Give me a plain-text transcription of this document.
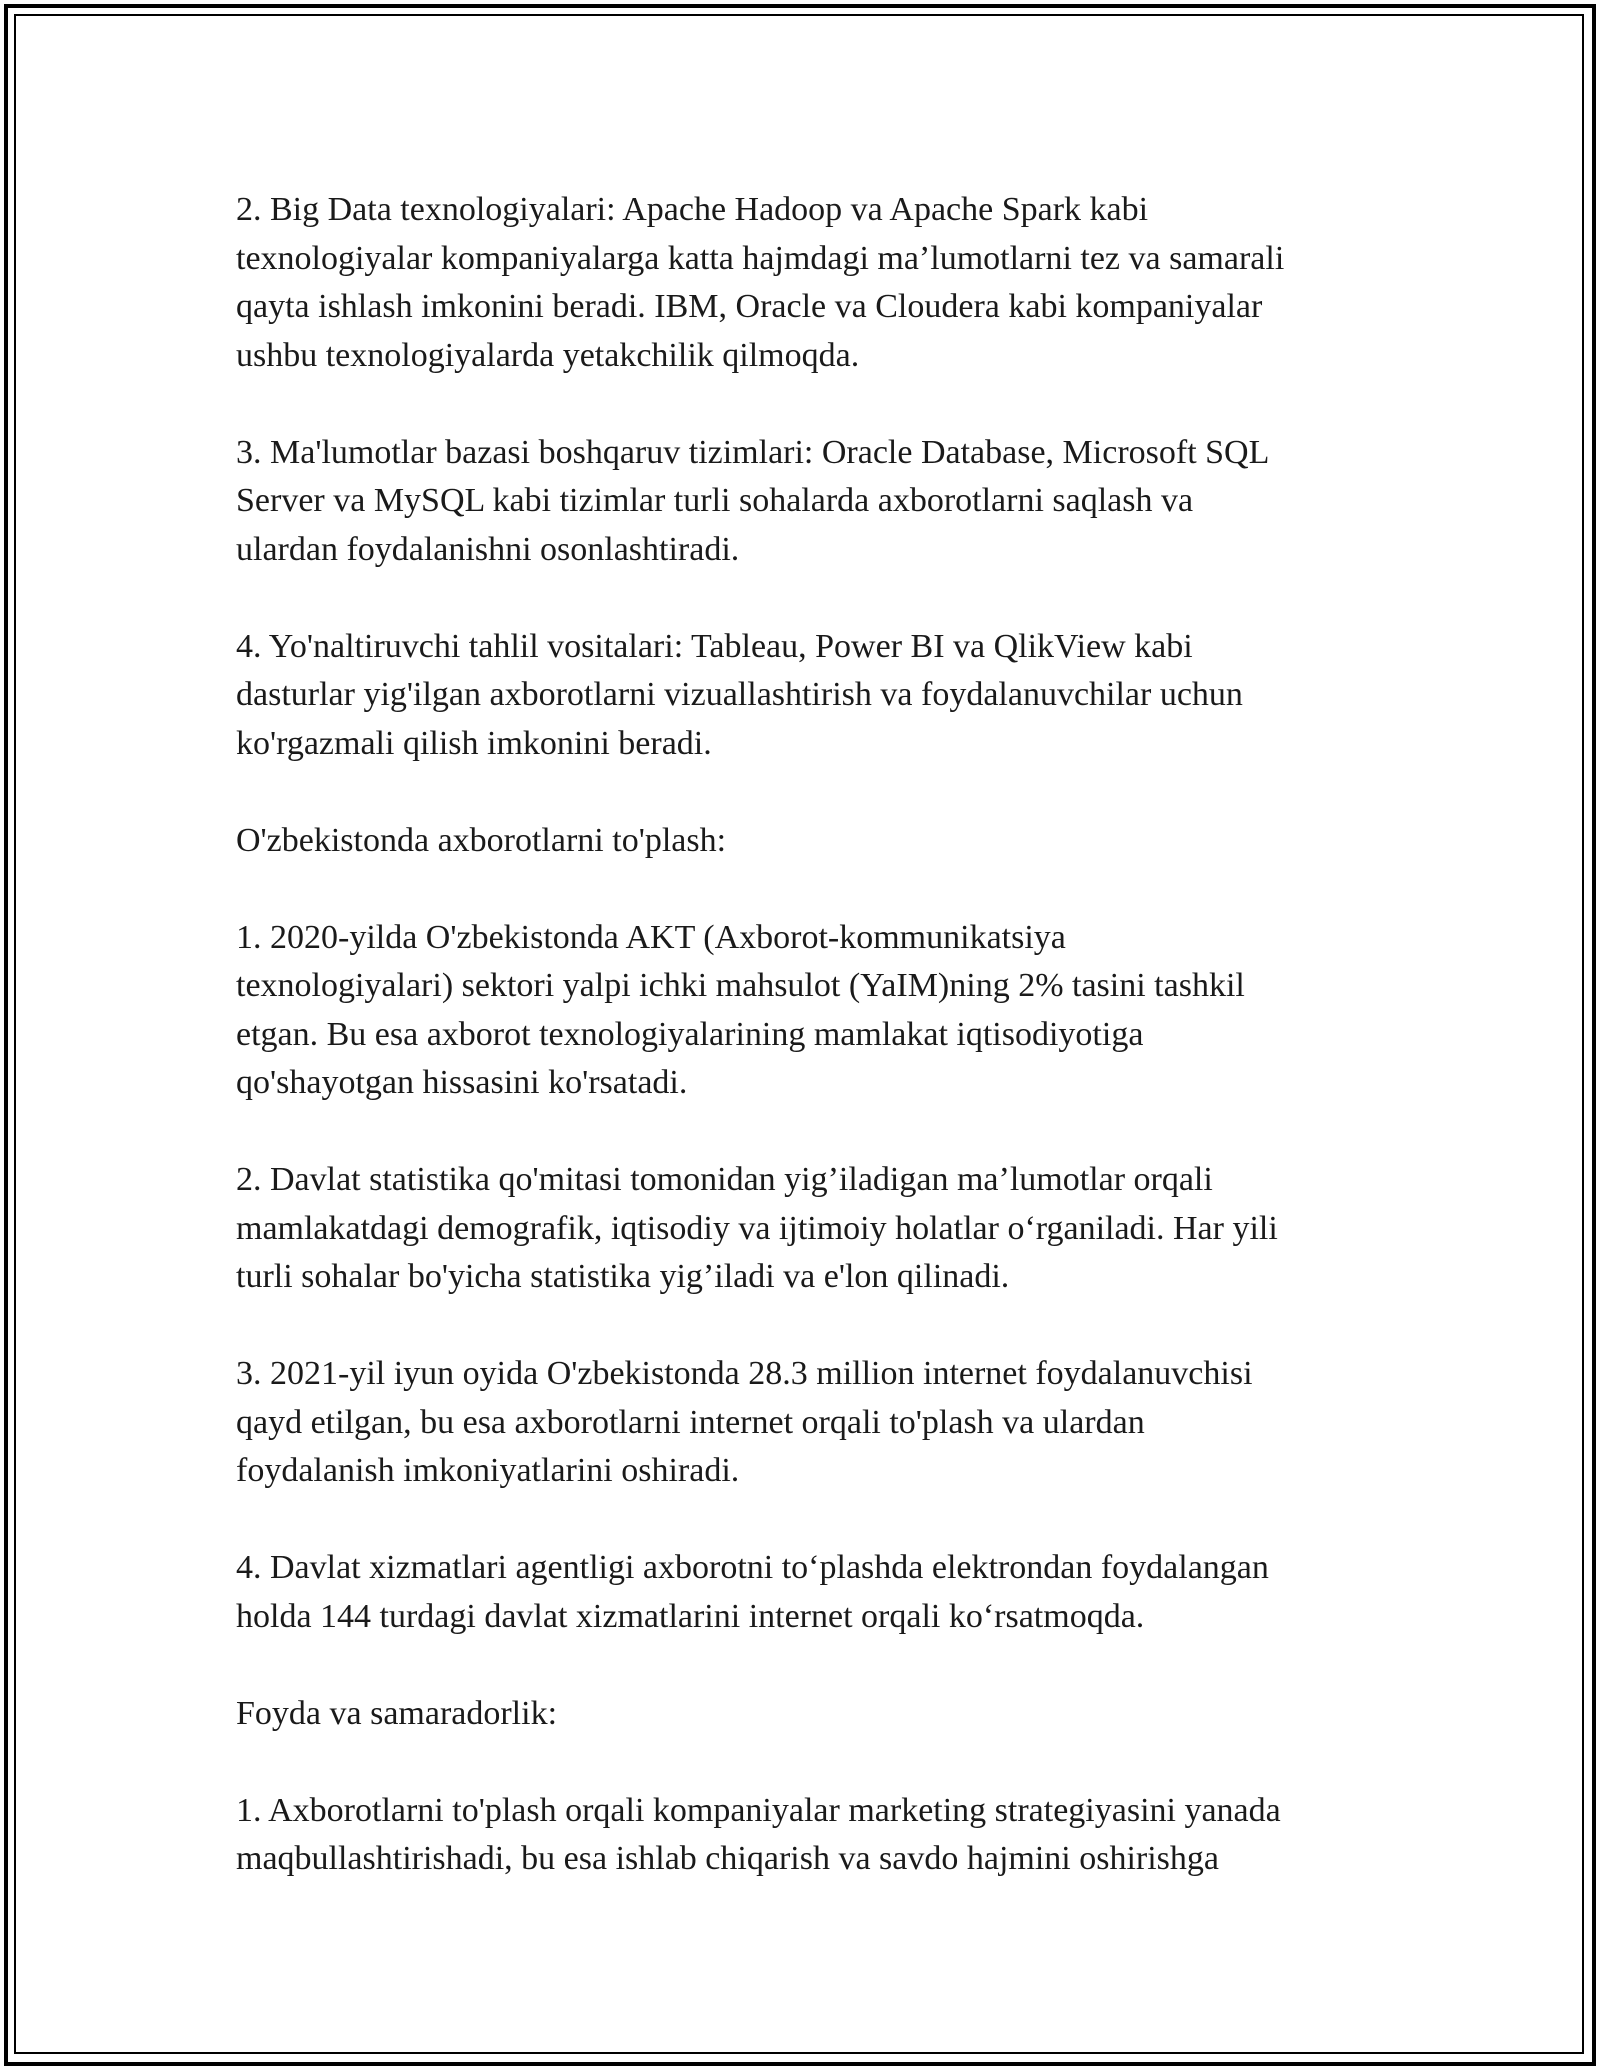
2. Big Data texnologiyalari: Apache Hadoop va Apache Spark kabi
texnologiyalar kompaniyalarga katta hajmdagi ma’lumotlarni tez va samarali
qayta ishlash imkonini beradi. IBM, Oracle va Cloudera kabi kompaniyalar
ushbu texnologiyalarda yetakchilik qilmoqda.

3. Ma'lumotlar bazasi boshqaruv tizimlari: Oracle Database, Microsoft SQL
Server va MySQL kabi tizimlar turli sohalarda axborotlarni saqlash va
ulardan foydalanishni osonlashtiradi.

4. Yo'naltiruvchi tahlil vositalari: Tableau, Power BI va QlikView kabi
dasturlar yig'ilgan axborotlarni vizuallashtirish va foydalanuvchilar uchun
ko'rgazmali qilish imkonini beradi.

O'zbekistonda axborotlarni to'plash:

1. 2020-yilda O'zbekistonda AKT (Axborot-kommunikatsiya
texnologiyalari) sektori yalpi ichki mahsulot (YaIM)ning 2% tasini tashkil
etgan. Bu esa axborot texnologiyalarining mamlakat iqtisodiyotiga
qo'shayotgan hissasini ko'rsatadi.

2. Davlat statistika qo'mitasi tomonidan yig’iladigan ma’lumotlar orqali
mamlakatdagi demografik, iqtisodiy va ijtimoiy holatlar o‘rganiladi. Har yili
turli sohalar bo'yicha statistika yig’iladi va e'lon qilinadi.

3. 2021-yil iyun oyida O'zbekistonda 28.3 million internet foydalanuvchisi
qayd etilgan, bu esa axborotlarni internet orqali to'plash va ulardan
foydalanish imkoniyatlarini oshiradi.

4. Davlat xizmatlari agentligi axborotni to‘plashda elektrondan foydalangan
holda 144 turdagi davlat xizmatlarini internet orqali ko‘rsatmoqda.

Foyda va samaradorlik:

1. Axborotlarni to'plash orqali kompaniyalar marketing strategiyasini yanada
maqbullashtirishadi, bu esa ishlab chiqarish va savdo hajmini oshirishga
